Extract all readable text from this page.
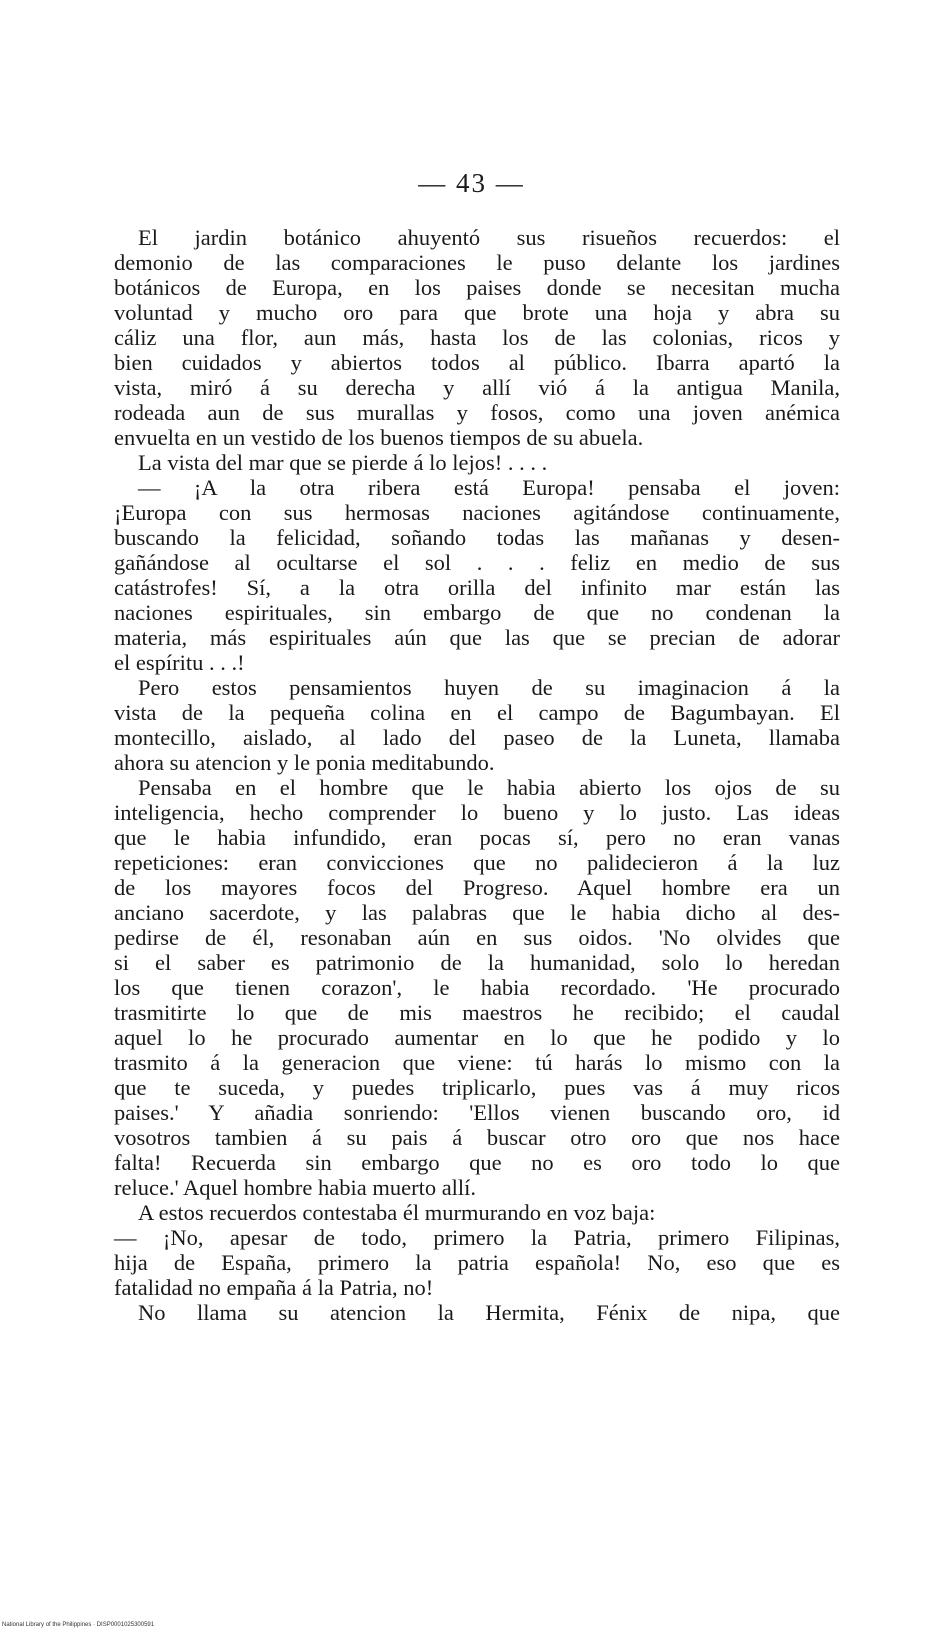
— 43 —
El jardin botánico ahuyentó sus risueños recuerdos: el
demonio de las comparaciones le puso delante los jardines
botánicos de Europa, en los paises donde se necesitan mucha
voluntad y mucho oro para que brote una hoja y abra su
cáliz una flor, aun más, hasta los de las colonias, ricos y
bien cuidados y abiertos todos al público. Ibarra apartó la
vista, miró á su derecha y allí vió á la antigua Manila,
rodeada aun de sus murallas y fosos, como una joven anémica
envuelta en un vestido de los buenos tiempos de su abuela.
La vista del mar que se pierde á lo lejos! . . . .
— ¡A la otra ribera está Europa! pensaba el joven:
¡Europa con sus hermosas naciones agitándose continuamente,
buscando la felicidad, soñando todas las mañanas y desen-
gañándose al ocultarse el sol . . . feliz en medio de sus
catástrofes! Sí, a la otra orilla del infinito mar están las
naciones espirituales, sin embargo de que no condenan la
materia, más espirituales aún que las que se precian de adorar
el espíritu . . .!
Pero estos pensamientos huyen de su imaginacion á la
vista de la pequeña colina en el campo de Bagumbayan. El
montecillo, aislado, al lado del paseo de la Luneta, llamaba
ahora su atencion y le ponia meditabundo.
Pensaba en el hombre que le habia abierto los ojos de su
inteligencia, hecho comprender lo bueno y lo justo. Las ideas
que le habia infundido, eran pocas sí, pero no eran vanas
repeticiones: eran convicciones que no palidecieron á la luz
de los mayores focos del Progreso. Aquel hombre era un
anciano sacerdote, y las palabras que le habia dicho al des-
pedirse de él, resonaban aún en sus oidos. 'No olvides que
si el saber es patrimonio de la humanidad, solo lo heredan
los que tienen corazon', le habia recordado. 'He procurado
trasmitirte lo que de mis maestros he recibido; el caudal
aquel lo he procurado aumentar en lo que he podido y lo
trasmito á la generacion que viene: tú harás lo mismo con la
que te suceda, y puedes triplicarlo, pues vas á muy ricos
paises.' Y añadia sonriendo: 'Ellos vienen buscando oro, id
vosotros tambien á su pais á buscar otro oro que nos hace
falta! Recuerda sin embargo que no es oro todo lo que
reluce.' Aquel hombre habia muerto allí.
A estos recuerdos contestaba él murmurando en voz baja:
— ¡No, apesar de todo, primero la Patria, primero Filipinas,
hija de España, primero la patria española! No, eso que es
fatalidad no empaña á la Patria, no!
No llama su atencion la Hermita, Fénix de nipa, que
National Library of the Philippines · DISP0001025300591
